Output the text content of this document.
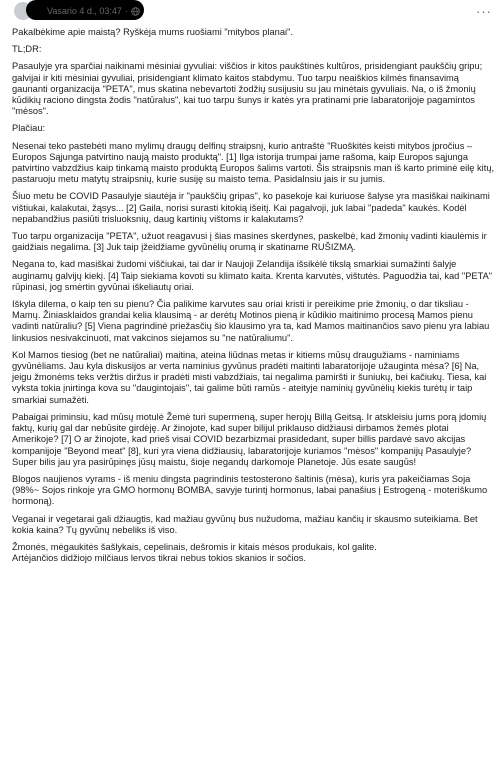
Vasario 4 d., 03:47 ·	···

Pakalbėkime apie maistą? Ryškėja mums ruošiami "mitybos planai".

TL;DR:

Pasaulyje yra sparčiai naikinami mėsiniai gyvuliai: viščios ir kitos paukštinės kultūros, prisidengiant paukščių gripu; galvijai ir kiti mėsiniai gyvuliai, prisidengiant klimato kaitos stabdymu. Tuo tarpu neaiškios kilmės finansavimą gaunanti organizacija "PETA", mus skatina nebevartoti žodžių susijusiu su jau minėtais gyvuliais. Na, o iš žmonių kūdikių raciono dingsta žodis "natūralus", kai tuo tarpu šunys ir katės yra pratinami prie labaratorijoje pagamintos "mėsos".

Plačiau:

Nesenai teko pastebėti mano mylimų draugų delfinų straipsnį, kurio antraštė "Ruoškitės keisti mitybos įpročius – Europos Sąjunga patvirtino naują maisto produktą". [1] Ilga istorija trumpai jame rašoma, kaip Europos sąjunga patvirtino vabzdžius kaip tinkamą maisto produktą Europos šalims vartoti. Šis straipsnis man iš karto priminė eilę kitų, pastaruoju metu matytų straipsnių, kurie susiję su maisto tema. Pasidalnsiu jais ir su jumis.

Šiuo metu be COVID Pasaulyje siautėja ir "paukščių gripas", ko pasekoje kai kuriuose šalyse yra masiškai naikinami vištiukai, kalakutai, žąsys... [2] Gaila, norisi surasti kitokią išeitį. Kai pagalvoji, juk labai "padeda" kaukės. Kodėl nepabandžius pasiūti trisluoksnių, daug kartinių vištoms ir kalakutams?

Tuo tarpu organizacija "PETA", užuot reagavusi į šias masines skerdynes, paskelbė, kad žmonių vadinti kiaulėmis ir gaidžiais negalima. [3] Juk taip įžeidžiame gyvūnėlių orumą ir skatiname RUŠIZMĄ.

Negana to, kad masiškai žudomi viščiukai, tai dar ir Naujoji Zelandija išsikėlė tikslą smarkiai sumažinti šalyje auginamų galvijų kiekį. [4] Taip siekiama kovoti su klimato kaita. Krenta karvutės, vištutės. Paguodžia tai, kad "PETA" rūpinasi, jog smėrtin gyvūnai iškeliautų oriai.

Iškyla dilema, o kaip ten su pienu? Čia palikime karvutes sau oriai kristi ir pereikime prie žmonių, o dar tiksliau - Mamų. Žiniasklaidos grandai kelia klausimą - ar derėtų Motinos pieną ir kūdikio maitinimo procesą Mamos pienu vadinti natūraliu? [5] Viena pagrindinė priežasčių šio klausimo yra ta, kad Mamos maitinančios savo pienu yra labiau linkusios nesivakcinuoti, mat vakcinos siejamos su "ne natūraliumu".

Kol Mamos tiesiog (bet ne natūraliai) maitina, ateina liūdnas metas ir kitiems mūsų draugužiams - naminiams gyvūnėliams. Jau kyla diskusijos ar verta naminius gyvūnus pradėti maitinti labaratorijoje užauginta mėsa? [6] Na, jeigu žmonėms teks veržtis diržus ir pradėti misti vabzdžiais, tai negalima pamiršti ir šuniukų, bei kačiukų. Tiesa, kai vyksta tokia įnirtinga kova su "daugintojais", tai galime būti ramūs - ateityje naminių gyvūnėlių kiekis turėtų ir taip smarkiai sumažėti.

Pabaigai priminsiu, kad mūsų motulė Žemė turi supermeną, super herojų Billą Geitsą. Ir atskleisiu jums porą įdomių faktų, kurių gal dar nebūsite girdėję. Ar žinojote, kad super bilijul priklauso didžiausi dirbamos žemės plotai Amerikoje? [7] O ar žinojote, kad prieš visai COVID bezarbizmai prasidedant, super billis pardavė savo akcijas kompanijoje "Beyond meat" [8], kuri yra viena didžiausių, labaratorijoje kuriamos "mėsos" kompanijų Pasaulyje? Super bilis jau yra pasirūpinęs jūsų maistu, šioje negandų darkomoje Planetoje. Jūs esate saugūs!

Blogos naujienos vyrams - iš meniu dingsta pagrindinis testosterono šaltinis (mėsa), kuris yra pakeičiamas Soja (98%~ Sojos rinkoje yra GMO hormonų BOMBA, savyje turintį hormonus, labai panašius į Estrogeną - moteriškumo hormoną).

Veganai ir vegetarai gali džiaugtis, kad mažiau gyvūnų bus nužudoma, mažiau kančių ir skausmo suteikiama. Bet kokia kaina? Tų gyvūnų nebeliks iš viso.

Žmonės, mėgaukitės šašlykais, cepelinais, dešromis ir kitais mėsos produkais, kol galite.

Artėjančios didžiojo milčiaus lervos tikrai nebus tokios skanios ir sočios.
